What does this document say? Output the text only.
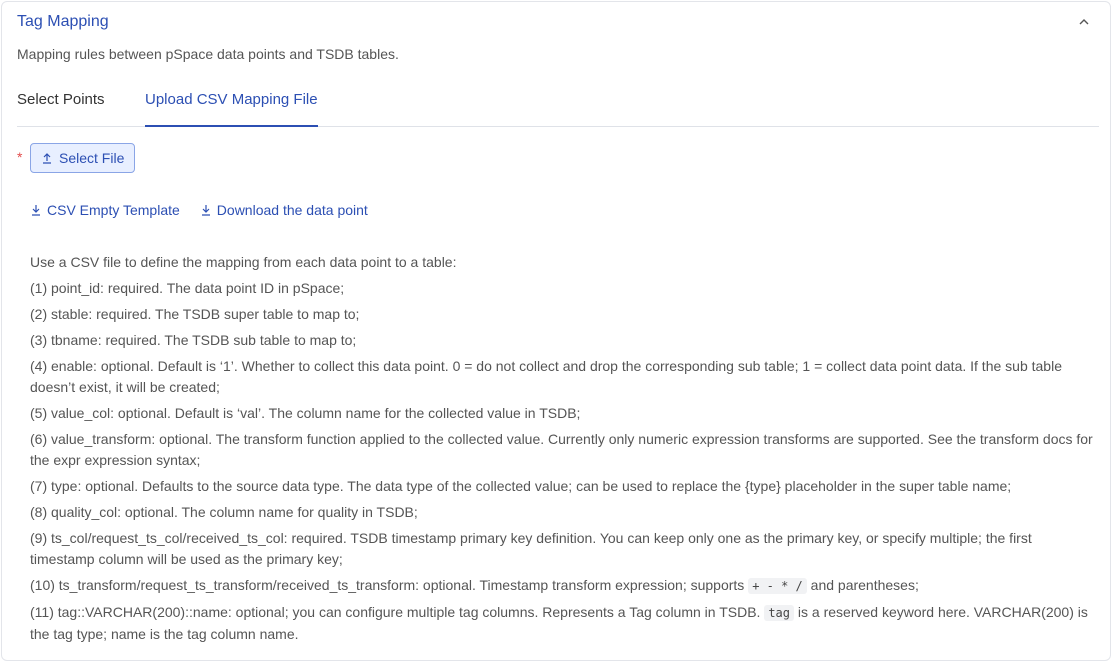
Tag Mapping
Mapping rules between pSpace data points and TSDB tables.
Select Points	Upload CSV Mapping File
*	Select File
CSV Empty Template	Download the data point

Use a CSV file to define the mapping from each data point to a table:

(1) point_id: required. The data point ID in pSpace;

(2) stable: required. The TSDB super table to map to;

(3) tbname: required. The TSDB sub table to map to;

(4) enable: optional. Default is ‘1’. Whether to collect this data point. 0 = do not collect and drop the corresponding sub table; 1 = collect data point data. If the sub table doesn’t exist, it will be created;

(5) value_col: optional. Default is ‘val’. The column name for the collected value in TSDB;

(6) value_transform: optional. The transform function applied to the collected value. Currently only numeric expression transforms are supported. See the transform docs for the expr expression syntax;

(7) type: optional. Defaults to the source data type. The data type of the collected value; can be used to replace the {type} placeholder in the super table name;

(8) quality_col: optional. The column name for quality in TSDB;

(9) ts_col/request_ts_col/received_ts_col: required. TSDB timestamp primary key definition. You can keep only one as the primary key, or specify multiple; the first timestamp column will be used as the primary key;

(10) ts_transform/request_ts_transform/received_ts_transform: optional. Timestamp transform expression; supports + - * / and parentheses;

(11) tag::VARCHAR(200)::name: optional; you can configure multiple tag columns. Represents a Tag column in TSDB. tag is a reserved keyword here. VARCHAR(200) is the tag type; name is the tag column name.
